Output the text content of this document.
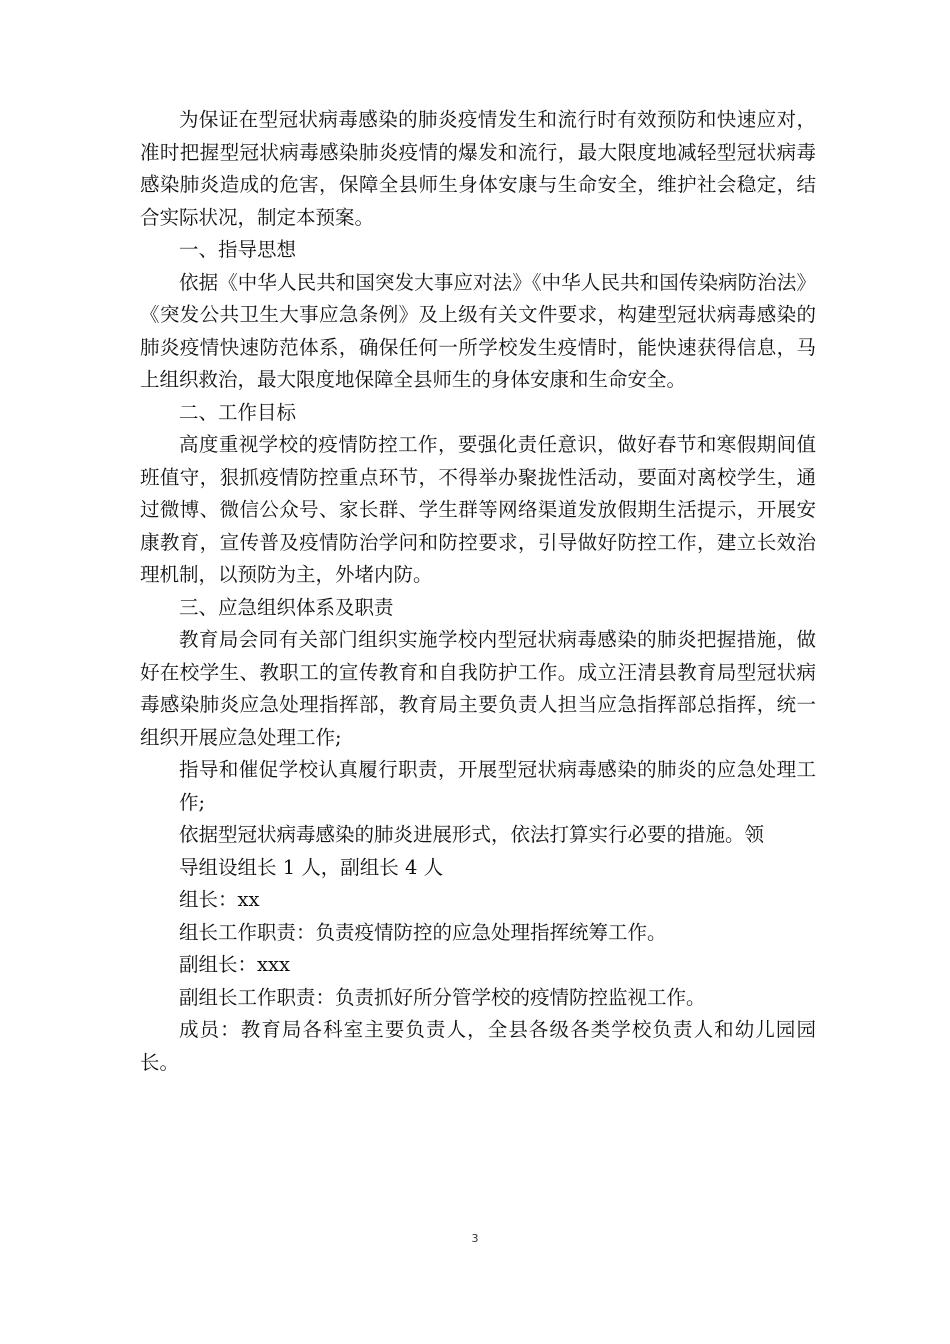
为保证在型冠状病毒感染的肺炎疫情发生和流行时有效预防和快速应对，准时把握型冠状病毒感染肺炎疫情的爆发和流行，最大限度地减轻型冠状病毒感染肺炎造成的危害，保障全县师生身体安康与生命安全，维护社会稳定，结合实际状况，制定本预案。

一、指导思想

依据《中华人民共和国突发大事应对法》《中华人民共和国传染病防治法》《突发公共卫生大事应急条例》及上级有关文件要求，构建型冠状病毒感染的肺炎疫情快速防范体系，确保任何一所学校发生疫情时，能快速获得信息，马上组织救治，最大限度地保障全县师生的身体安康和生命安全。

二、工作目标

高度重视学校的疫情防控工作，要强化责任意识，做好春节和寒假期间值班值守，狠抓疫情防控重点环节，不得举办聚拢性活动，要面对离校学生，通过微博、微信公众号、家长群、学生群等网络渠道发放假期生活提示，开展安康教育，宣传普及疫情防治学问和防控要求，引导做好防控工作，建立长效治理机制，以预防为主，外堵内防。

三、应急组织体系及职责

教育局会同有关部门组织实施学校内型冠状病毒感染的肺炎把握措施，做好在校学生、教职工的宣传教育和自我防护工作。成立汪清县教育局型冠状病毒感染肺炎应急处理指挥部，教育局主要负责人担当应急指挥部总指挥，统一组织开展应急处理工作;

指导和催促学校认真履行职责，开展型冠状病毒感染的肺炎的应急处理工作;

依据型冠状病毒感染的肺炎进展形式，依法打算实行必要的措施。领

导组设组长 1 人，副组长 4 人

组长：xx

组长工作职责：负责疫情防控的应急处理指挥统筹工作。

副组长：xxx

副组长工作职责：负责抓好所分管学校的疫情防控监视工作。

成员：教育局各科室主要负责人，全县各级各类学校负责人和幼儿园园长。

3
